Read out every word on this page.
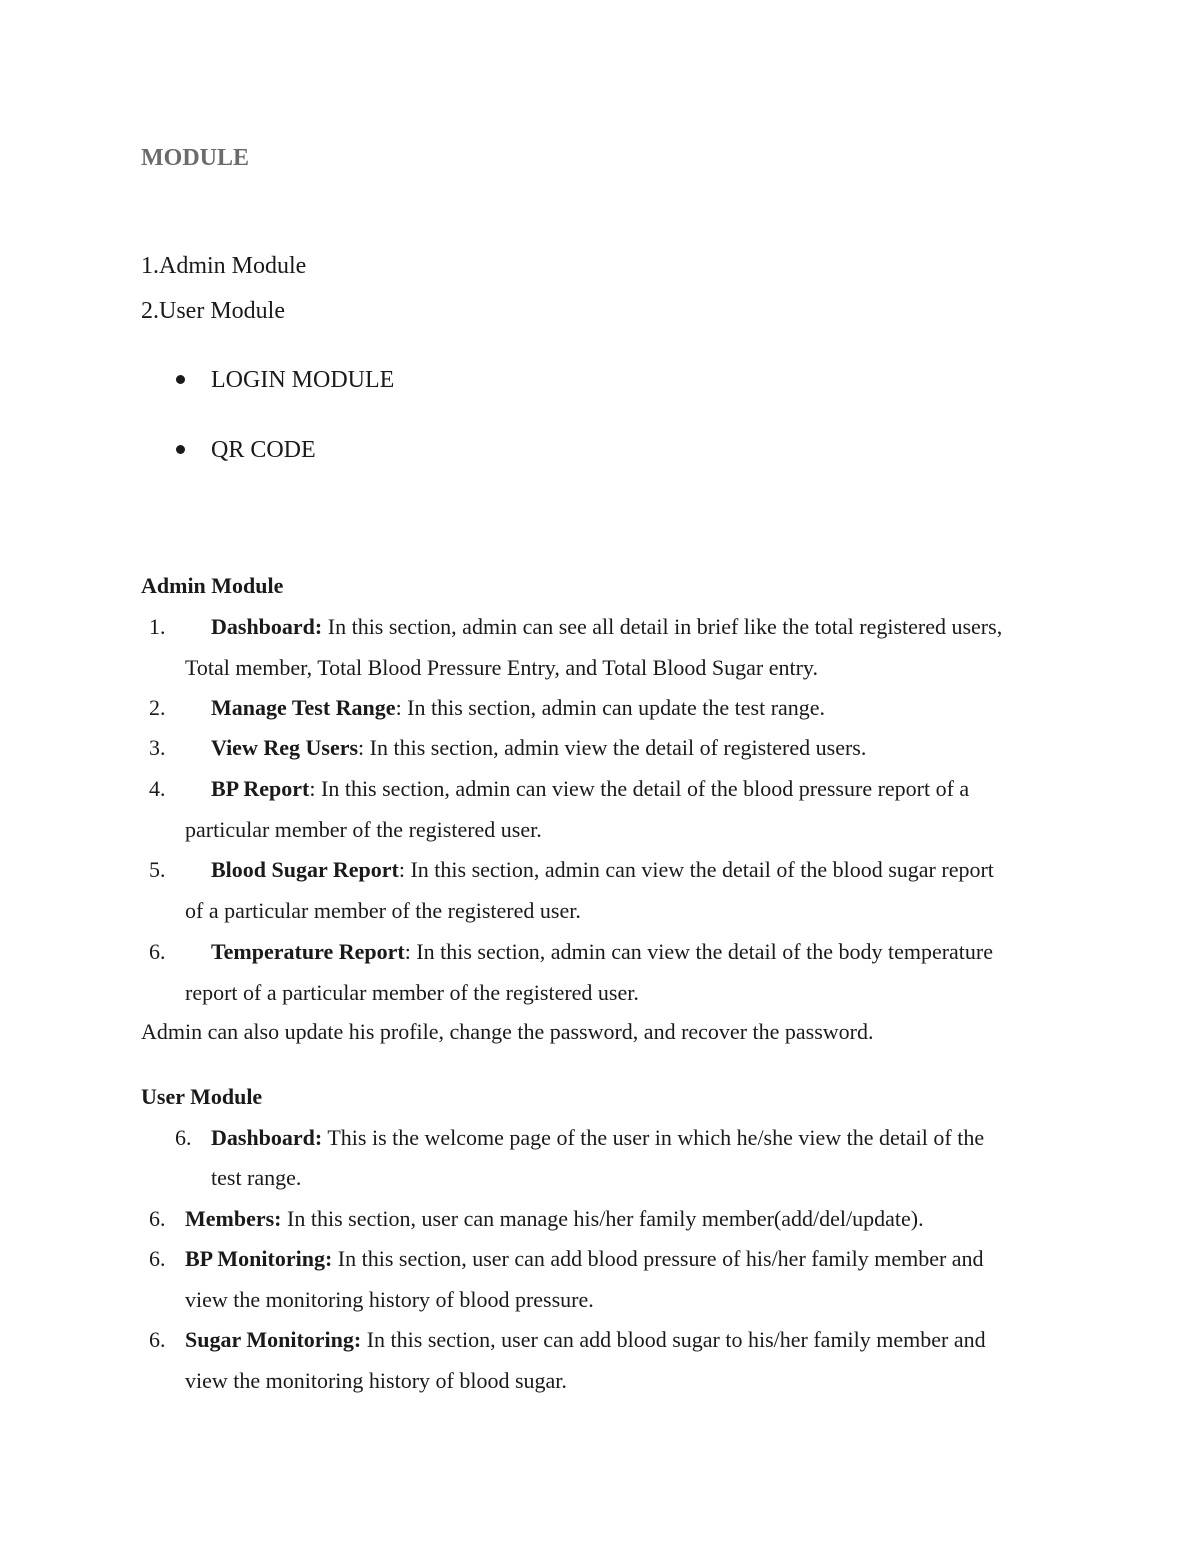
MODULE
1.Admin Module
2.User Module
LOGIN MODULE
QR CODE
Admin Module
1. Dashboard: In this section, admin can see all detail in brief like the total registered users,
Total member, Total Blood Pressure Entry, and Total Blood Sugar entry.
2. Manage Test Range: In this section, admin can update the test range.
3. View Reg Users: In this section, admin view the detail of registered users.
4. BP Report: In this section, admin can view the detail of the blood pressure report of a
particular member of the registered user.
5. Blood Sugar Report: In this section, admin can view the detail of the blood sugar report
of a particular member of the registered user.
6. Temperature Report: In this section, admin can view the detail of the body temperature
report of a particular member of the registered user.
Admin can also update his profile, change the password, and recover the password.
User Module
6. Dashboard: This is the welcome page of the user in which he/she view the detail of the
test range.
6. Members: In this section, user can manage his/her family member(add/del/update).
6. BP Monitoring: In this section, user can add blood pressure of his/her family member and
view the monitoring history of blood pressure.
6. Sugar Monitoring: In this section, user can add blood sugar to his/her family member and
view the monitoring history of blood sugar.
